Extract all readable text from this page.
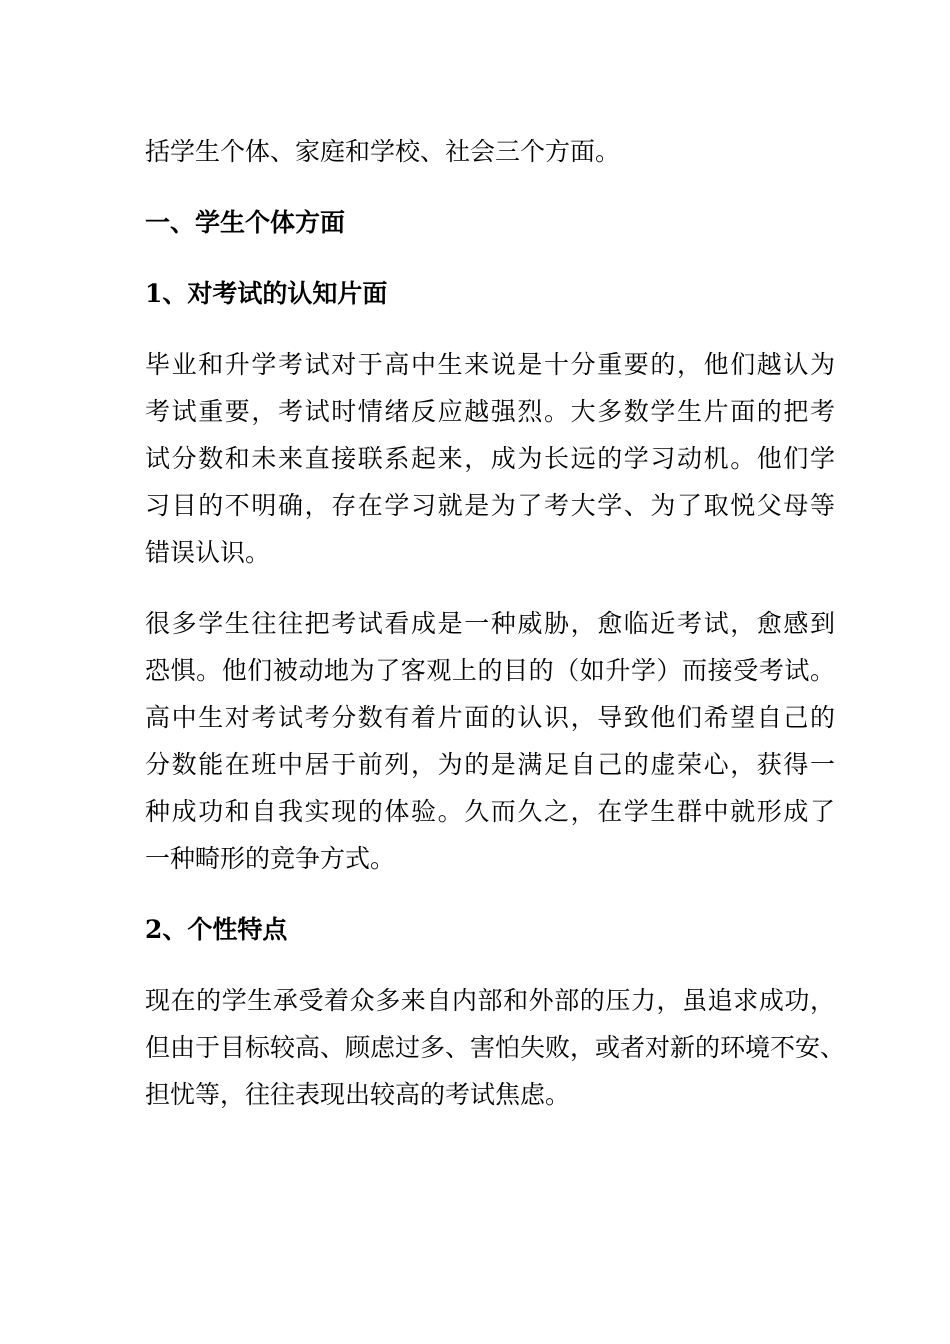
括学生个体、家庭和学校、社会三个方面。
一、学生个体方面
1、对考试的认知片面
毕业和升学考试对于高中生来说是十分重要的，他们越认为
考试重要，考试时情绪反应越强烈。大多数学生片面的把考
试分数和未来直接联系起来，成为长远的学习动机。他们学
习目的不明确，存在学习就是为了考大学、为了取悦父母等
错误认识。
很多学生往往把考试看成是一种威胁，愈临近考试，愈感到
恐惧。他们被动地为了客观上的目的（如升学）而接受考试。
高中生对考试考分数有着片面的认识，导致他们希望自己的
分数能在班中居于前列，为的是满足自己的虚荣心，获得一
种成功和自我实现的体验。久而久之，在学生群中就形成了
一种畸形的竞争方式。
2、个性特点
现在的学生承受着众多来自内部和外部的压力，虽追求成功，
但由于目标较高、顾虑过多、害怕失败，或者对新的环境不安、
担忧等，往往表现出较高的考试焦虑。
